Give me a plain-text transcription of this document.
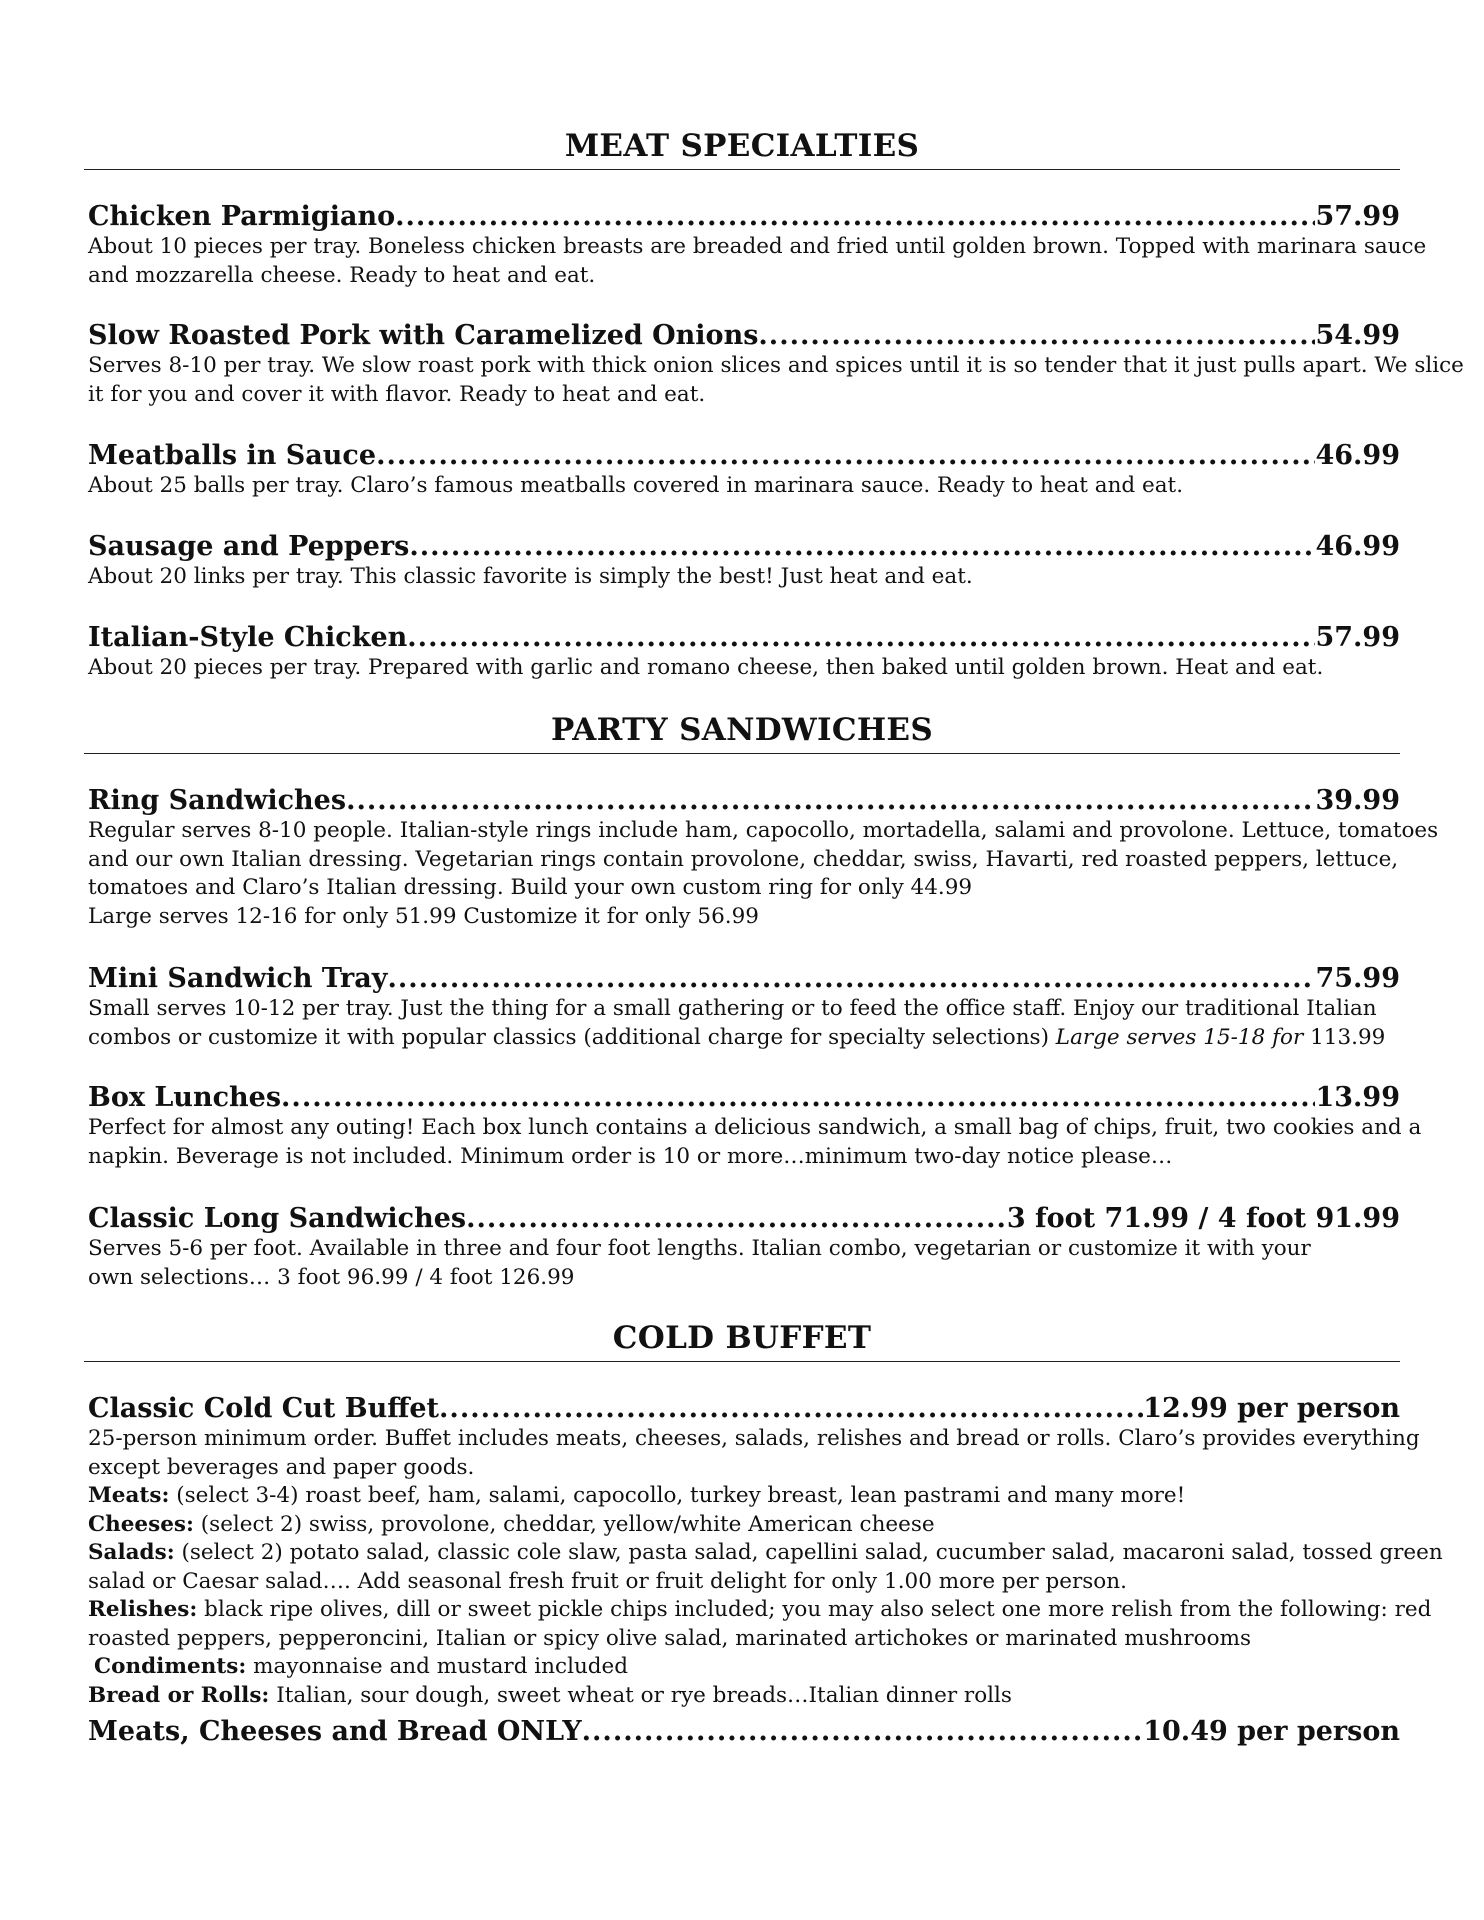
MEAT SPECIALTIES
Chicken Parmigiano .....	57.99
About 10 pieces per tray. Boneless chicken breasts are breaded and fried until golden brown. Topped with marinara sauce
and mozzarella cheese. Ready to heat and eat.
Slow Roasted Pork with Caramelized Onions .....	54.99
Serves 8-10 per tray. We slow roast pork with thick onion slices and spices until it is so tender that it just pulls apart. We slice
it for you and cover it with flavor. Ready to heat and eat.
Meatballs in Sauce .....	46.99
About 25 balls per tray. Claro’s famous meatballs covered in marinara sauce. Ready to heat and eat.
Sausage and Peppers .....	46.99
About 20 links per tray. This classic favorite is simply the best! Just heat and eat.
Italian-Style Chicken .....	57.99
About 20 pieces per tray. Prepared with garlic and romano cheese, then baked until golden brown. Heat and eat.
PARTY SANDWICHES
Ring Sandwiches .....	39.99
Regular serves 8-10 people. Italian-style rings include ham, capocollo, mortadella, salami and provolone. Lettuce, tomatoes
and our own Italian dressing. Vegetarian rings contain provolone, cheddar, swiss, Havarti, red roasted peppers, lettuce,
tomatoes and Claro’s Italian dressing. Build your own custom ring for only 44.99
Large serves 12-16 for only 51.99 Customize it for only 56.99
Mini Sandwich Tray .....	75.99
Small serves 10-12 per tray. Just the thing for a small gathering or to feed the office staff. Enjoy our traditional Italian
combos or customize it with popular classics (additional charge for specialty selections) Large serves 15-18 for 113.99
Box Lunches .....	13.99
Perfect for almost any outing! Each box lunch contains a delicious sandwich, a small bag of chips, fruit, two cookies and a
napkin. Beverage is not included. Minimum order is 10 or more…minimum two-day notice please…
Classic Long Sandwiches .....	3 foot 71.99 / 4 foot 91.99
Serves 5-6 per foot. Available in three and four foot lengths. Italian combo, vegetarian or customize it with your
own selections… 3 foot 96.99 / 4 foot 126.99
COLD BUFFET
Classic Cold Cut Buffet .....	12.99 per person
25-person minimum order. Buffet includes meats, cheeses, salads, relishes and bread or rolls. Claro’s provides everything
except beverages and paper goods.
Meats: (select 3-4) roast beef, ham, salami, capocollo, turkey breast, lean pastrami and many more!
Cheeses: (select 2) swiss, provolone, cheddar, yellow/white American cheese
Salads: (select 2) potato salad, classic cole slaw, pasta salad, capellini salad, cucumber salad, macaroni salad, tossed green
salad or Caesar salad…. Add seasonal fresh fruit or fruit delight for only 1.00 more per person.
Relishes: black ripe olives, dill or sweet pickle chips included; you may also select one more relish from the following: red
roasted peppers, pepperoncini, Italian or spicy olive salad, marinated artichokes or marinated mushrooms
Condiments: mayonnaise and mustard included
Bread or Rolls: Italian, sour dough, sweet wheat or rye breads…Italian dinner rolls
Meats, Cheeses and Bread ONLY .....	10.49 per person
